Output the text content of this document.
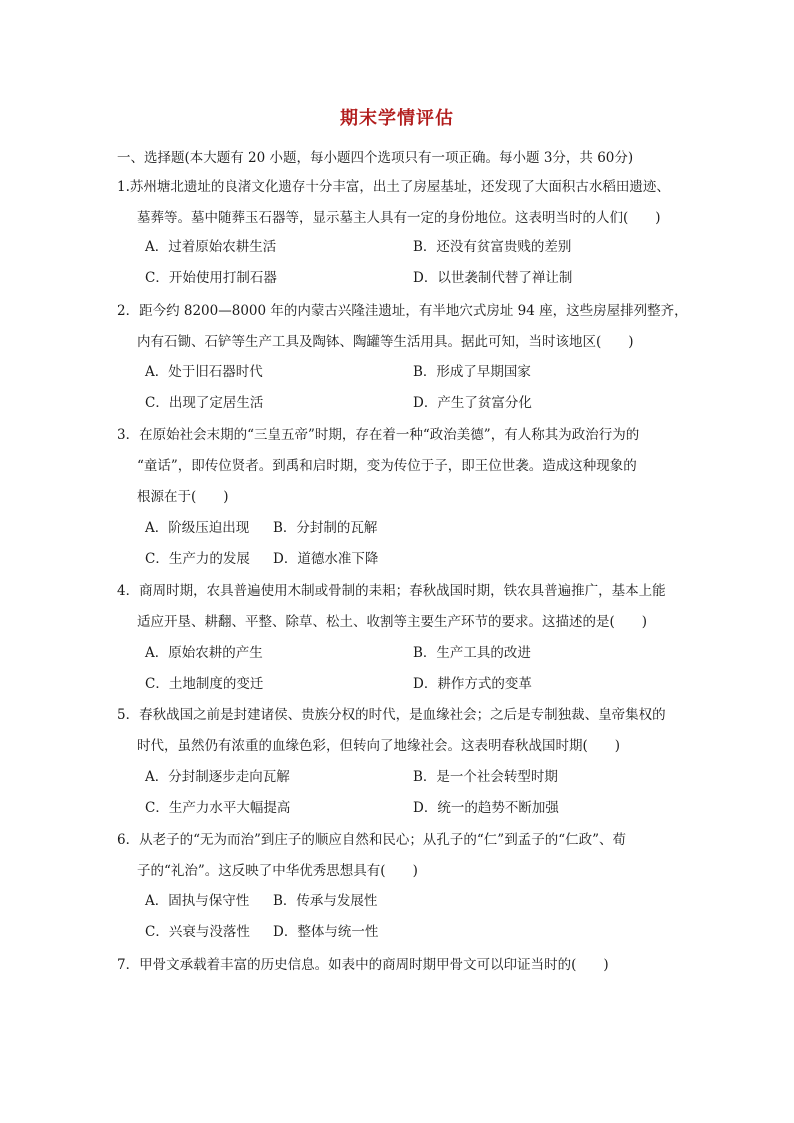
期末学情评估
一、选择题(本大题有 20 小题，每小题四个选项只有一项正确。每小题 3分，共 60分)
1.苏州塘北遗址的良渚文化遗存十分丰富，出土了房屋基址，还发现了大面积古水稻田遗迹、
墓葬等。墓中随葬玉石器等，显示墓主人具有一定的身份地位。这表明当时的人们(　　)
A．过着原始农耕生活	B．还没有贫富贵贱的差别
C．开始使用打制石器	D．以世袭制代替了禅让制
2．距今约 8200—8000 年的内蒙古兴隆洼遗址，有半地穴式房址 94 座，这些房屋排列整齐，
内有石锄、石铲等生产工具及陶钵、陶罐等生活用具。据此可知，当时该地区(　　)
A．处于旧石器时代	B．形成了早期国家
C．出现了定居生活	D．产生了贫富分化
3．在原始社会末期的“三皇五帝”时期，存在着一种“政治美德”，有人称其为政治行为的
“童话”，即传位贤者。到禹和启时期，变为传位于子，即王位世袭。造成这种现象的
根源在于(　　)
A．阶级压迫出现 B．分封制的瓦解
C．生产力的发展 D．道德水准下降
4．商周时期，农具普遍使用木制或骨制的耒耜；春秋战国时期，铁农具普遍推广，基本上能
适应开垦、耕翻、平整、除草、松土、收割等主要生产环节的要求。这描述的是(　　)
A．原始农耕的产生	B．生产工具的改进
C．土地制度的变迁	D．耕作方式的变革
5．春秋战国之前是封建诸侯、贵族分权的时代，是血缘社会；之后是专制独裁、皇帝集权的
时代，虽然仍有浓重的血缘色彩，但转向了地缘社会。这表明春秋战国时期(　　)
A．分封制逐步走向瓦解	B．是一个社会转型时期
C．生产力水平大幅提高	D．统一的趋势不断加强
6．从老子的“无为而治”到庄子的顺应自然和民心；从孔子的“仁”到孟子的“仁政”、荀
子的“礼治”。这反映了中华优秀思想具有(　　)
A．固执与保守性 B．传承与发展性
C．兴衰与没落性 D．整体与统一性
7．甲骨文承载着丰富的历史信息。如表中的商周时期甲骨文可以印证当时的(　　)
